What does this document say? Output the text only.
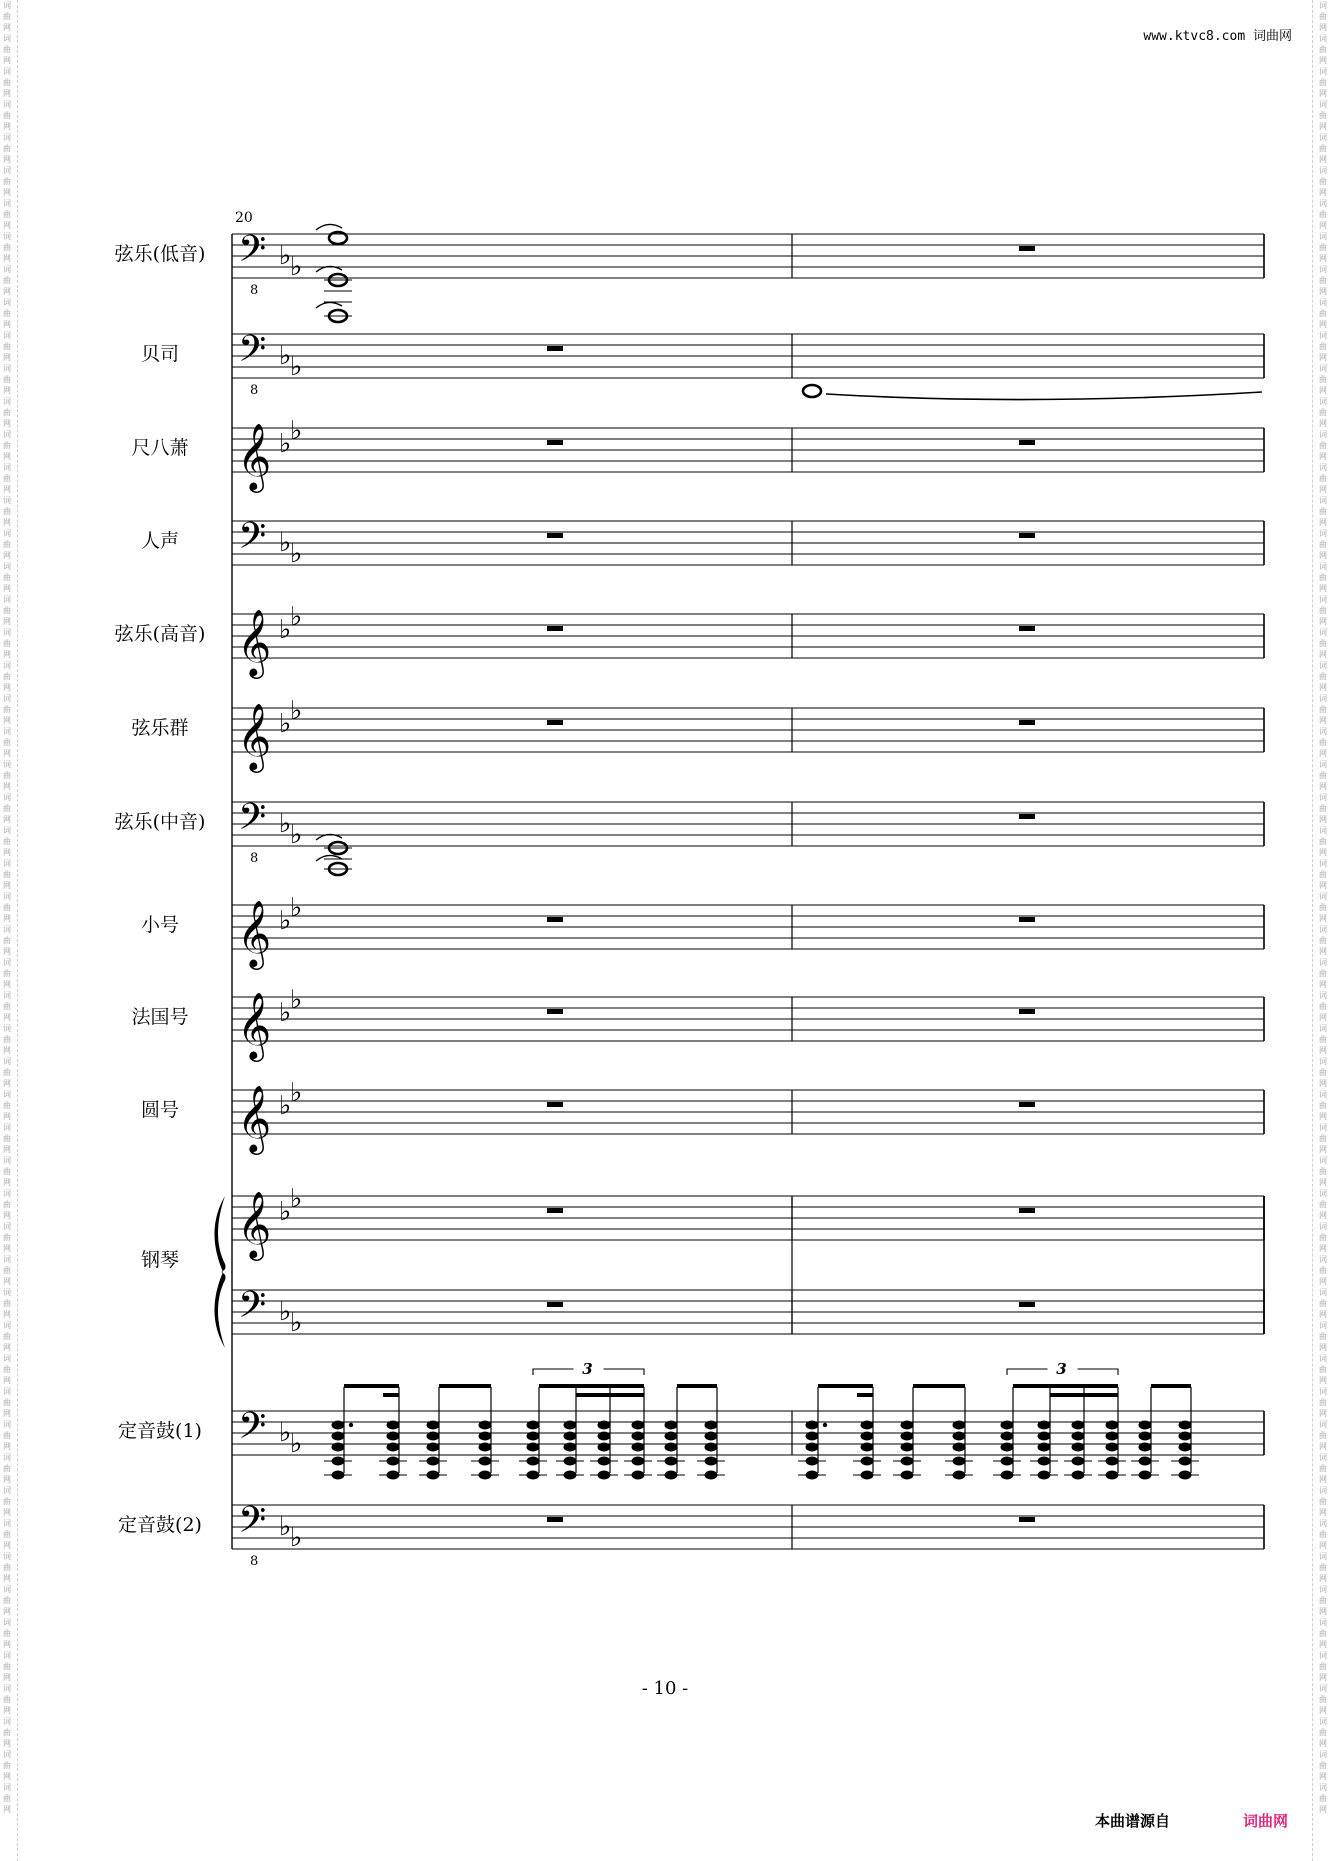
词曲网词曲网词曲网词曲网词曲网词曲网词曲网词曲网词曲网词曲网词曲网词曲网词曲网词曲网词曲网词曲网词曲网词曲网词曲网词曲网词曲网词曲网词曲网词曲网词曲网词曲网词曲网词曲网词曲网词曲网词曲网词曲网词曲网词曲网词曲网词曲网词曲网词曲网词曲网词曲网词曲网词曲网词曲网词曲网词曲网词曲网词曲网词曲网词曲网词曲网词曲网词曲网词曲网词曲网词曲网
词曲网词曲网词曲网词曲网词曲网词曲网词曲网词曲网词曲网词曲网词曲网词曲网词曲网词曲网词曲网词曲网词曲网词曲网词曲网词曲网词曲网词曲网词曲网词曲网词曲网词曲网词曲网词曲网词曲网词曲网词曲网词曲网词曲网词曲网词曲网词曲网词曲网词曲网词曲网词曲网词曲网词曲网词曲网词曲网词曲网词曲网词曲网词曲网词曲网词曲网词曲网词曲网词曲网词曲网词曲网
www.ktvc8.com 词曲网
20
弦乐(低音) 𝄢
8
♭
♭
贝司 𝄢
8
♭
♭
尺八萧 𝄞 ♭
♭
人声 𝄢 ♭
♭
弦乐(高音) 𝄞 ♭
♭
弦乐群 𝄞 ♭
♭
弦乐(中音) 𝄢
8
♭
♭
小号 𝄞 ♭
♭
法国号 𝄞 ♭
♭
圆号 𝄞 ♭
♭
钢琴
𝄞 ♭
♭
𝄢 ♭
♭
定音鼓(1) 𝄢 ♭
♭
3	3
定音鼓(2) 𝄢
8
♭
♭
- 10 -
本曲谱源自	词曲网
